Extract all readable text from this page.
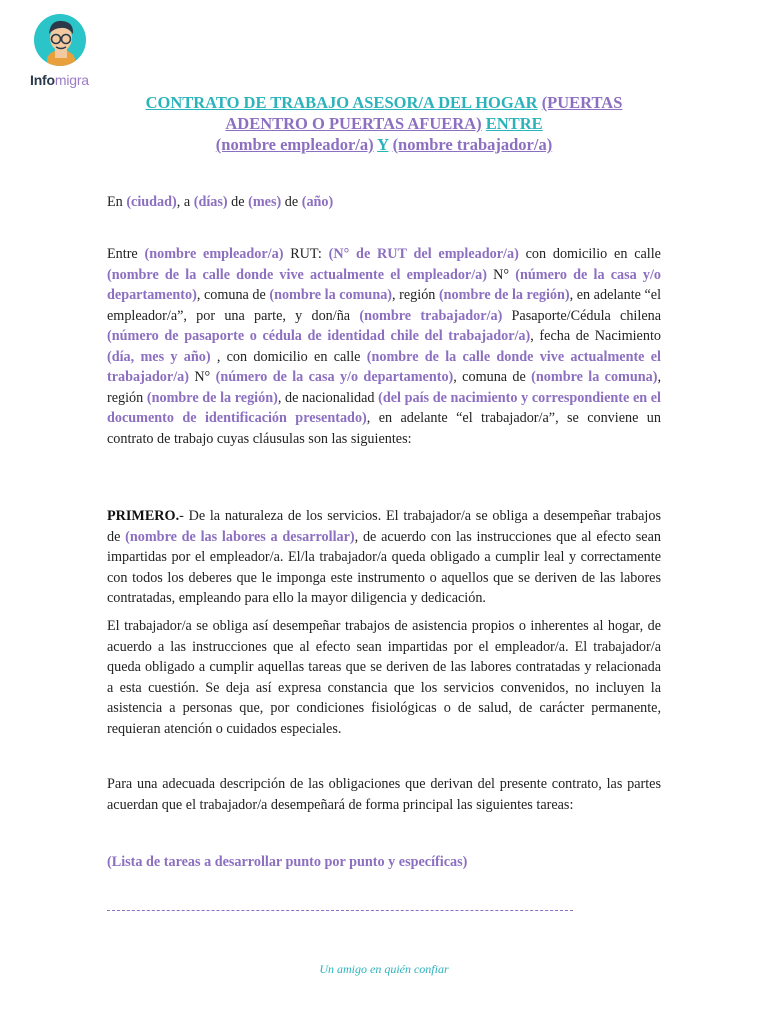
Infomigra
CONTRATO DE TRABAJO ASESOR/A DEL HOGAR (PUERTAS
ADENTRO O PUERTAS AFUERA) ENTRE
(nombre empleador/a) Y (nombre trabajador/a)
En (ciudad), a (días) de (mes) de (año)
Entre (nombre empleador/a) RUT: (N° de RUT del empleador/a) con domicilio en calle (nombre de la calle donde vive actualmente el empleador/a) N° (número de la casa y/o departamento), comuna de (nombre la comuna), región (nombre de la región), en adelante “el empleador/a”, por una parte, y don/ña (nombre trabajador/a) Pasaporte/Cédula chilena (número de pasaporte o cédula de identidad chile del trabajador/a), fecha de Nacimiento (día, mes y año) , con domicilio en calle (nombre de la calle donde vive actualmente el trabajador/a) N° (número de la casa y/o departamento), comuna de (nombre la comuna), región (nombre de la región), de nacionalidad (del país de nacimiento y correspondiente en el documento de identificación presentado), en adelante “el trabajador/a”, se conviene un contrato de trabajo cuyas cláusulas son las siguientes:
PRIMERO.- De la naturaleza de los servicios. El trabajador/a se obliga a desempeñar trabajos de (nombre de las labores a desarrollar), de acuerdo con las instrucciones que al efecto sean impartidas por el empleador/a. El/la trabajador/a queda obligado a cumplir leal y correctamente con todos los deberes que le imponga este instrumento o aquellos que se deriven de las labores contratadas, empleando para ello la mayor diligencia y dedicación.
El trabajador/a se obliga así desempeñar trabajos de asistencia propios o inherentes al hogar, de acuerdo a las instrucciones que al efecto sean impartidas por el empleador/a. El trabajador/a queda obligado a cumplir aquellas tareas que se deriven de las labores contratadas y relacionada a esta cuestión. Se deja así expresa constancia que los servicios convenidos, no incluyen la asistencia a personas que, por condiciones fisiológicas o de salud, de carácter permanente, requieran atención o cuidados especiales.
Para una adecuada descripción de las obligaciones que derivan del presente contrato, las partes acuerdan que el trabajador/a desempeñará de forma principal las siguientes tareas:
(Lista de tareas a desarrollar punto por punto y específicas)
Un amigo en quién confiar
